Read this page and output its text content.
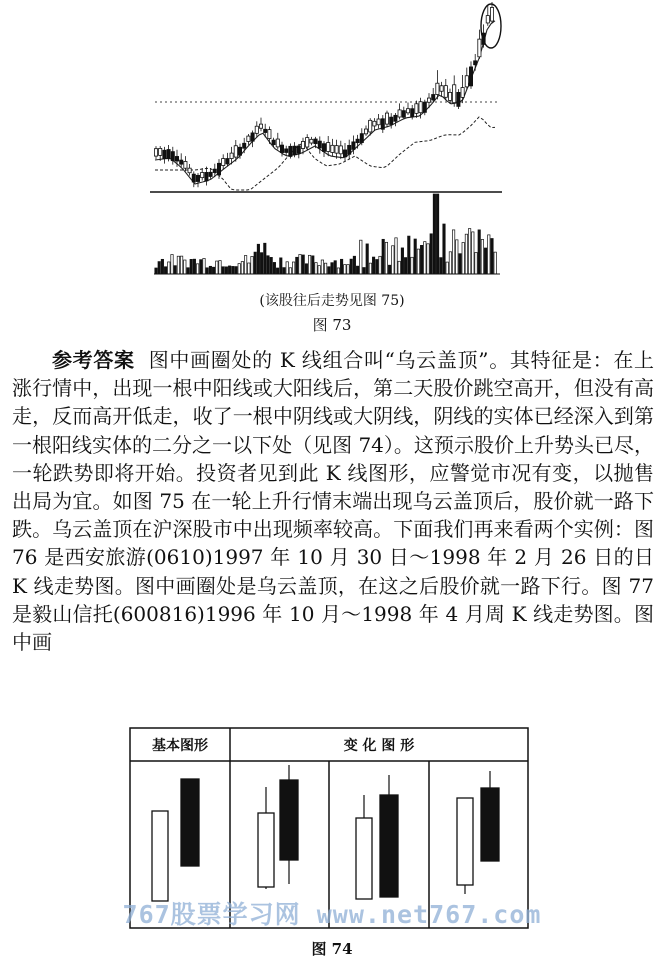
(该股往后走势见图 75)
图 73

参考答案 图中画圈处的 K 线组合叫“乌云盖顶”。其特征是：在上涨行情中，出现一根中阳线或大阳线后，第二天股价跳空高开，但没有高走，反而高开低走，收了一根中阴线或大阴线，阴线的实体已经深入到第一根阳线实体的二分之一以下处（见图 74）。这预示股价上升势头已尽，一轮跌势即将开始。投资者见到此 K 线图形，应警觉市况有变，以抛售出局为宜。如图 75 在一轮上升行情末端出现乌云盖顶后，股价就一路下跌。乌云盖顶在沪深股市中出现频率较高。下面我们再来看两个实例：图 76 是西安旅游(0610)1997 年 10 月 30 日～1998 年 2 月 26 日的日 K 线走势图。图中画圈处是乌云盖顶，在这之后股价就一路下行。图 77 是毅山信托(600816)1996 年 10 月～1998 年 4 月周 K 线走势图。图中画

基本图形	变 化 图 形
767股票学习网 www.net767.com
图 74
